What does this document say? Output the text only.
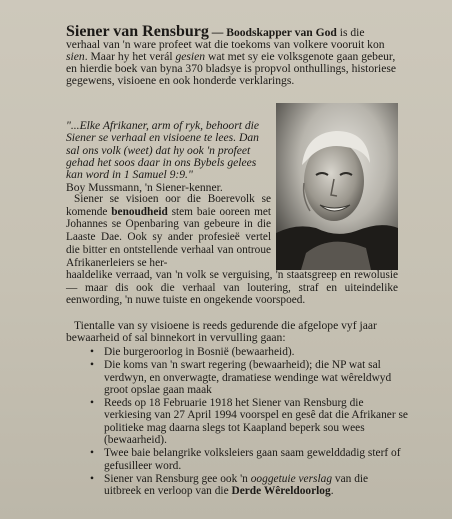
Siener van Rensburg — Boodskapper van God is die verhaal van 'n ware profeet wat die toekoms van volkere vooruit kon sien. Maar hy het verál gesien wat met sy eie volksgenote gaan gebeur, en hierdie boek van byna 370 bladsye is propvol onthullings, historiese gegewens, visioene en ook honderde verklarings.

"...Elke Afrikaner, arm of ryk, behoort die Siener se verhaal en visioene te lees. Dan sal ons volk (weet) dat hy ook 'n profeet gehad het soos daar in ons Bybels gelees kan word in 1 Samuel 9:9."

Boy Mussmann, 'n Siener-kenner.

Siener se visioen oor die Boerevolk se komende benoudheid stem baie ooreen met Johannes se Openbaring van gebeure in die Laaste Dae. Ook sy ander profesieë vertel die bitter en ontstellende verhaal van ontroue Afrikanerleiers se her-

haaldelike verraad, van 'n volk se verguising, 'n staatsgreep en rewolusie — maar dis ook die verhaal van loutering, straf en uiteindelike eenwording, 'n nuwe tuiste en ongekende voorspoed.

Tientalle van sy visioene is reeds gedurende die afgelope vyf jaar bewaarheid of sal binnekort in vervulling gaan:

• Die burgeroorlog in Bosnië (bewaarheid).
• Die koms van 'n swart regering (bewaarheid); die NP wat sal verdwyn, en onverwagte, dramatiese wendinge wat wêreldwyd groot opslae gaan maak
• Reeds op 18 Februarie 1918 het Siener van Rensburg die verkiesing van 27 April 1994 voorspel en gesê dat die Afrikaner se politieke mag daarna slegs tot Kaapland beperk sou wees (bewaarheid).
• Twee baie belangrike volksleiers gaan saam gewelddadig sterf of gefusilleer word.
• Siener van Rensburg gee ook 'n ooggetuie verslag van die uitbreek en verloop van die Derde Wêreldoorlog.
